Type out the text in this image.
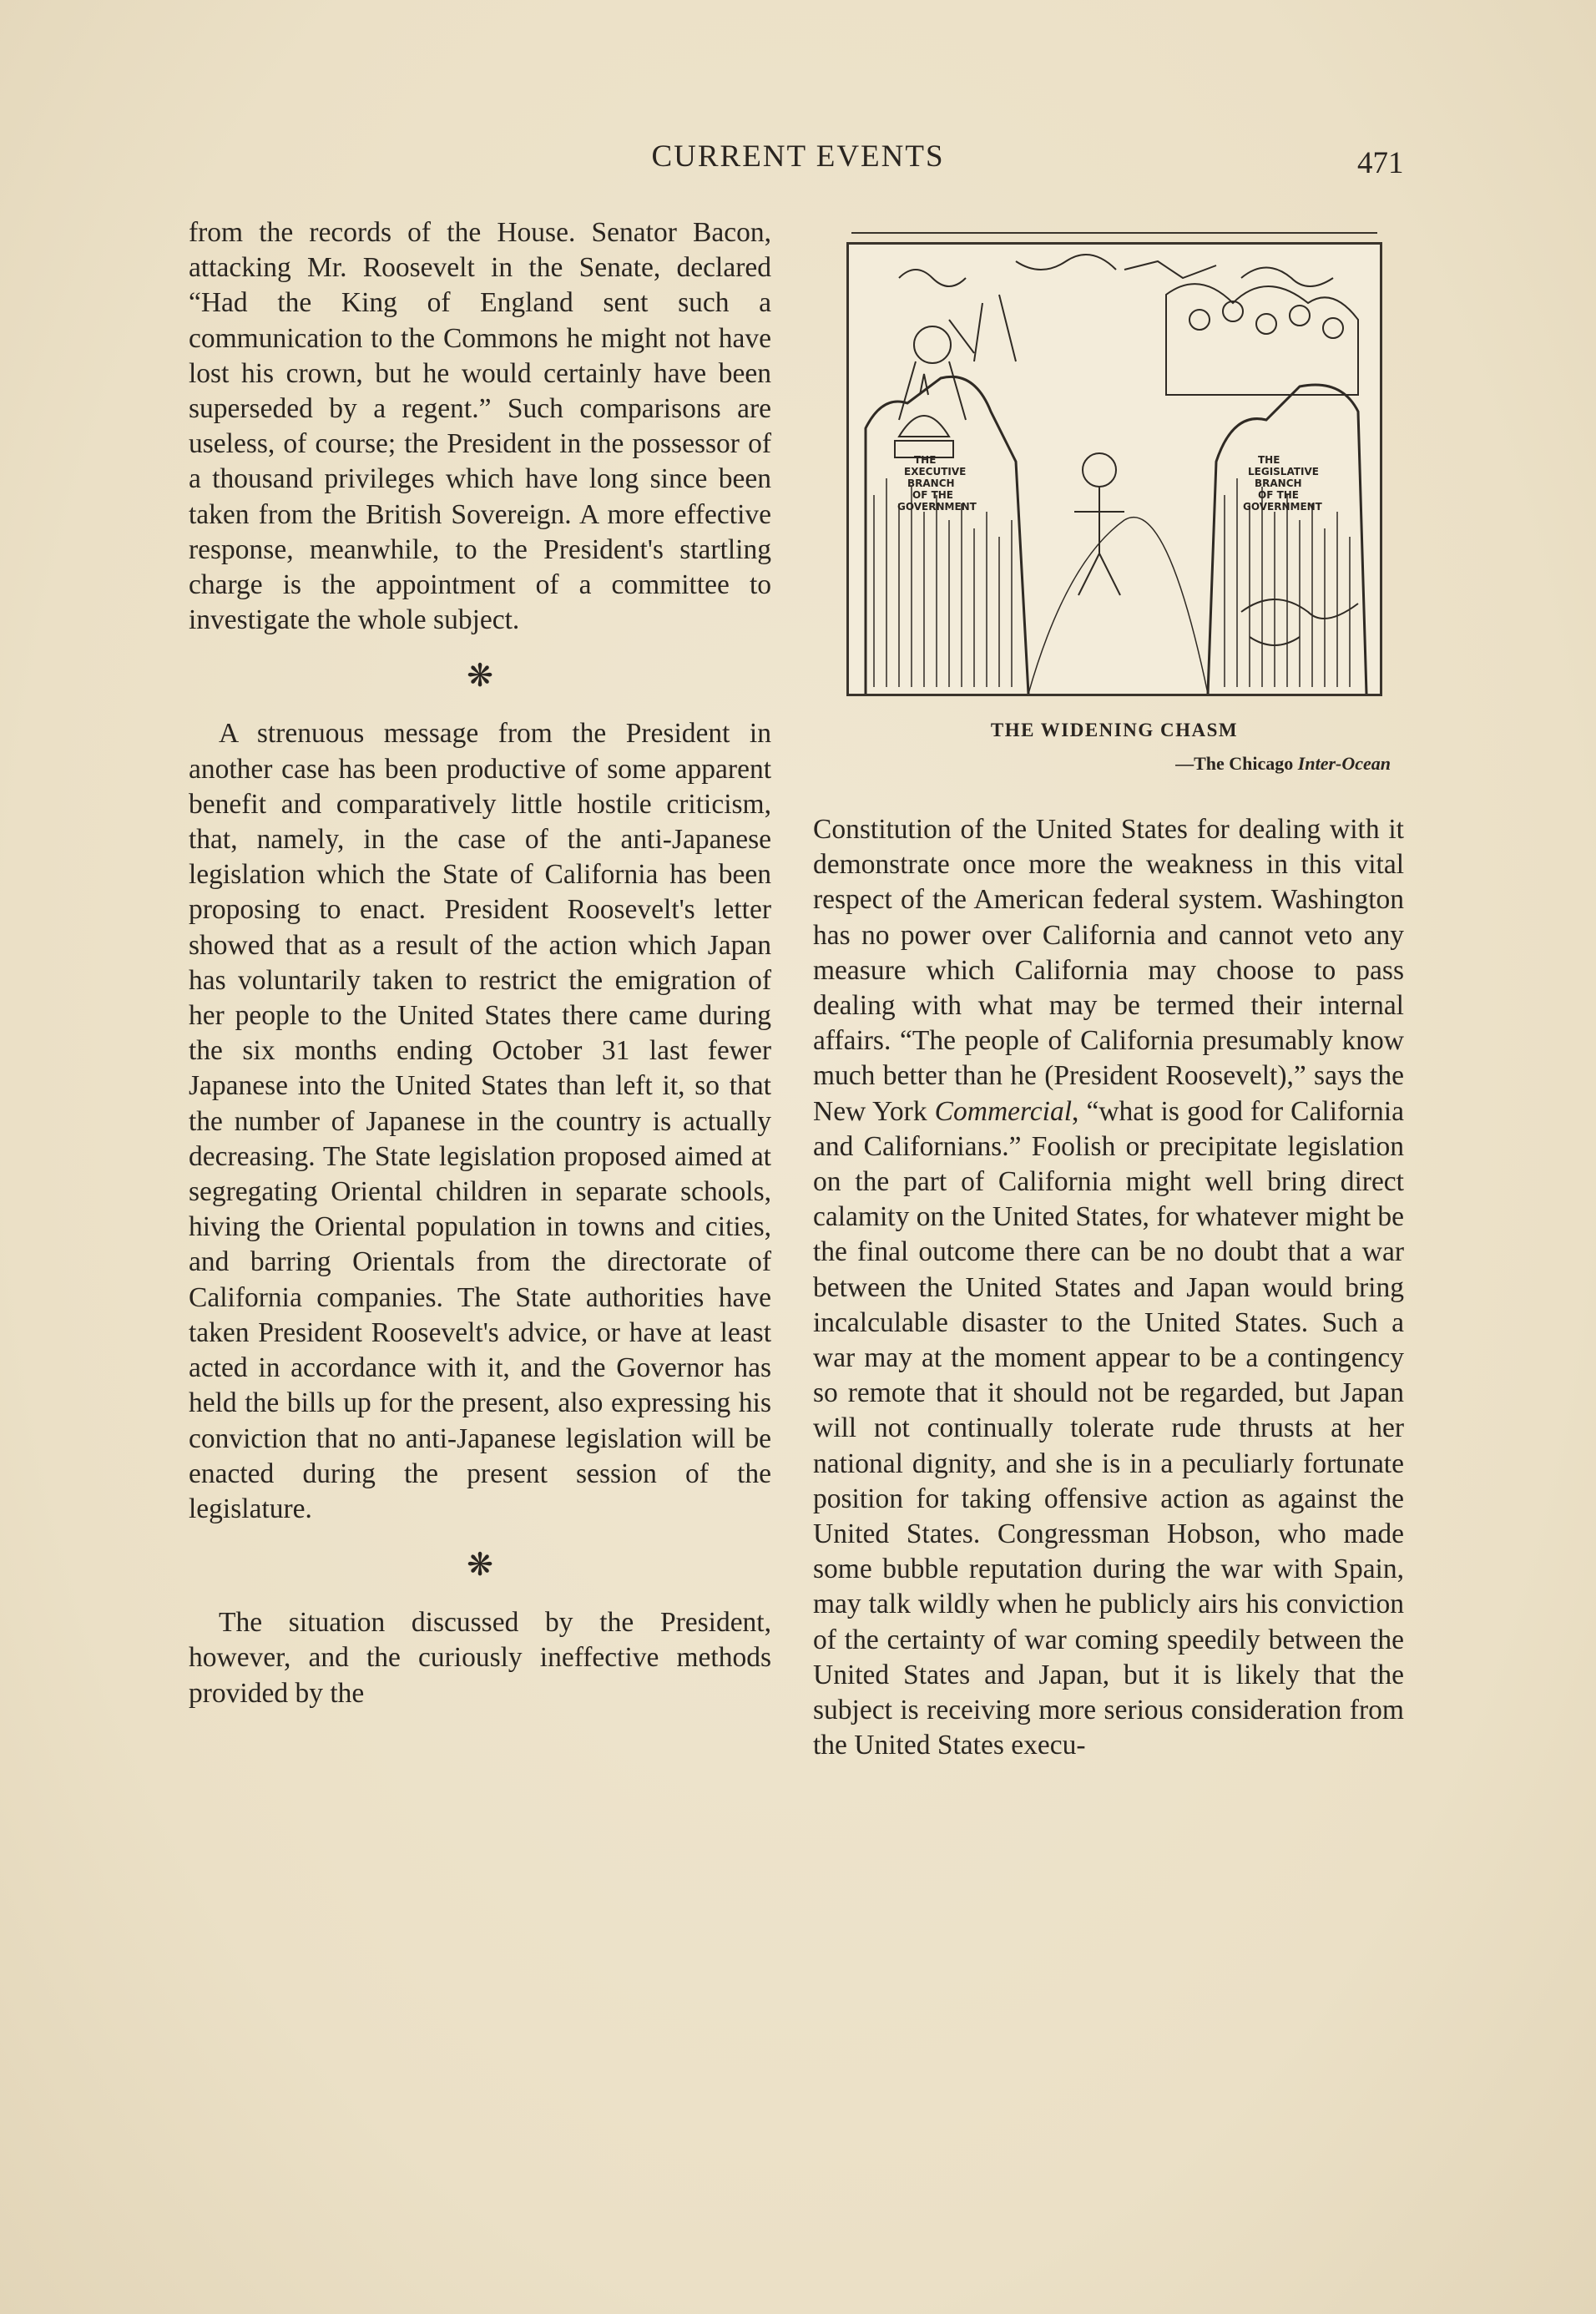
CURRENT EVENTS	471

from the records of the House. Senator Bacon, attacking Mr. Roosevelt in the Senate, declared “Had the King of England sent such a communication to the Commons he might not have lost his crown, but he would certainly have been superseded by a regent.” Such comparisons are useless, of course; the President in the possessor of a thousand privileges which have long since been taken from the British Sovereign. A more effective response, meanwhile, to the President's startling charge is the appointment of a committee to investigate the whole subject.

❋

A strenuous message from the President in another case has been productive of some apparent benefit and comparatively little hostile criticism, that, namely, in the case of the anti-Japanese legislation which the State of California has been proposing to enact. President Roosevelt's letter showed that as a result of the action which Japan has voluntarily taken to restrict the emigration of her people to the United States there came during the six months ending October 31 last fewer Japanese into the United States than left it, so that the number of Japanese in the country is actually decreasing. The State legislation proposed aimed at segregating Oriental children in separate schools, hiving the Oriental population in towns and cities, and barring Orientals from the directorate of California companies. The State authorities have taken President Roosevelt's advice, or have at least acted in accordance with it, and the Governor has held the bills up for the present, also expressing his conviction that no anti-Japanese legislation will be enacted during the present session of the legislature.

❋

The situation discussed by the President, however, and the curiously ineffective methods provided by the

THE
EXECUTIVE
BRANCH
OF THE
GOVERNMENT
THE
LEGISLATIVE
BRANCH
OF THE
GOVERNMENT
THE WIDENING CHASM
—The Chicago Inter-Ocean

Constitution of the United States for dealing with it demonstrate once more the weakness in this vital respect of the American federal system. Washington has no power over California and cannot veto any measure which California may choose to pass dealing with what may be termed their internal affairs. “The people of California presumably know much better than he (President Roosevelt),” says the New York Commercial, “what is good for California and Californians.” Foolish or precipitate legislation on the part of California might well bring direct calamity on the United States, for whatever might be the final outcome there can be no doubt that a war between the United States and Japan would bring incalculable disaster to the United States. Such a war may at the moment appear to be a contingency so remote that it should not be regarded, but Japan will not continually tolerate rude thrusts at her national dignity, and she is in a peculiarly fortunate position for taking offensive action as against the United States. Congressman Hobson, who made some bubble reputation during the war with Spain, may talk wildly when he publicly airs his conviction of the certainty of war coming speedily between the United States and Japan, but it is likely that the subject is receiving more serious consideration from the United States execu-
